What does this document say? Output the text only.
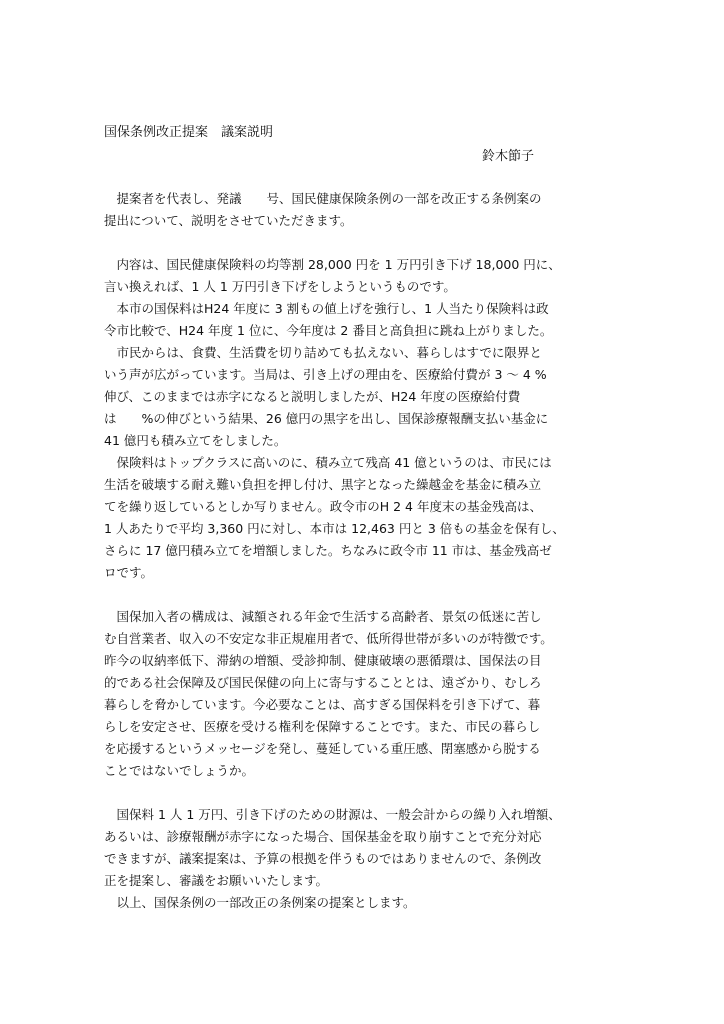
国保条例改正提案　議案説明
鈴木節子

　提案者を代表し、発議　　号、国民健康保険条例の一部を改正する条例案の
提出について、説明をさせていただきます。

　内容は、国民健康保険料の均等割 28,000 円を 1 万円引き下げ 18,000 円に、
言い換えれば、1 人 1 万円引き下げをしようというものです。

　本市の国保料はH24 年度に 3 割もの値上げを強行し、1 人当たり保険料は政
令市比較で、H24 年度 1 位に、今年度は 2 番目と高負担に跳ね上がりました。

　市民からは、食費、生活費を切り詰めても払えない、暮らしはすでに限界と
いう声が広がっています。当局は、引き上げの理由を、医療給付費が 3 ～ 4 %
伸び、このままでは赤字になると説明しましたが、H24 年度の医療給付費
は　　%の伸びという結果、26 億円の黒字を出し、国保診療報酬支払い基金に
41 億円も積み立てをしました。

　保険料はトップクラスに高いのに、積み立て残高 41 億というのは、市民には
生活を破壊する耐え難い負担を押し付け、黒字となった繰越金を基金に積み立
てを繰り返しているとしか写りません。政令市のH 2 4 年度末の基金残高は、
1 人あたりで平均 3,360 円に対し、本市は 12,463 円と 3 倍もの基金を保有し、
さらに 17 億円積み立てを増額しました。ちなみに政令市 11 市は、基金残高ゼ
ロです。

　国保加入者の構成は、減額される年金で生活する高齢者、景気の低迷に苦し
む自営業者、収入の不安定な非正規雇用者で、低所得世帯が多いのが特徴です。
昨今の収納率低下、滞納の増額、受診抑制、健康破壊の悪循環は、国保法の目
的である社会保障及び国民保健の向上に寄与することとは、遠ざかり、むしろ
暮らしを脅かしています。今必要なことは、高すぎる国保料を引き下げて、暮
らしを安定させ、医療を受ける権利を保障することです。また、市民の暮らし
を応援するというメッセージを発し、蔓延している重圧感、閉塞感から脱する
ことではないでしょうか。

　国保料 1 人 1 万円、引き下げのための財源は、一般会計からの繰り入れ増額、
あるいは、診療報酬が赤字になった場合、国保基金を取り崩すことで充分対応
できますが、議案提案は、予算の根拠を伴うものではありませんので、条例改
正を提案し、審議をお願いいたします。

　以上、国保条例の一部改正の条例案の提案とします。
